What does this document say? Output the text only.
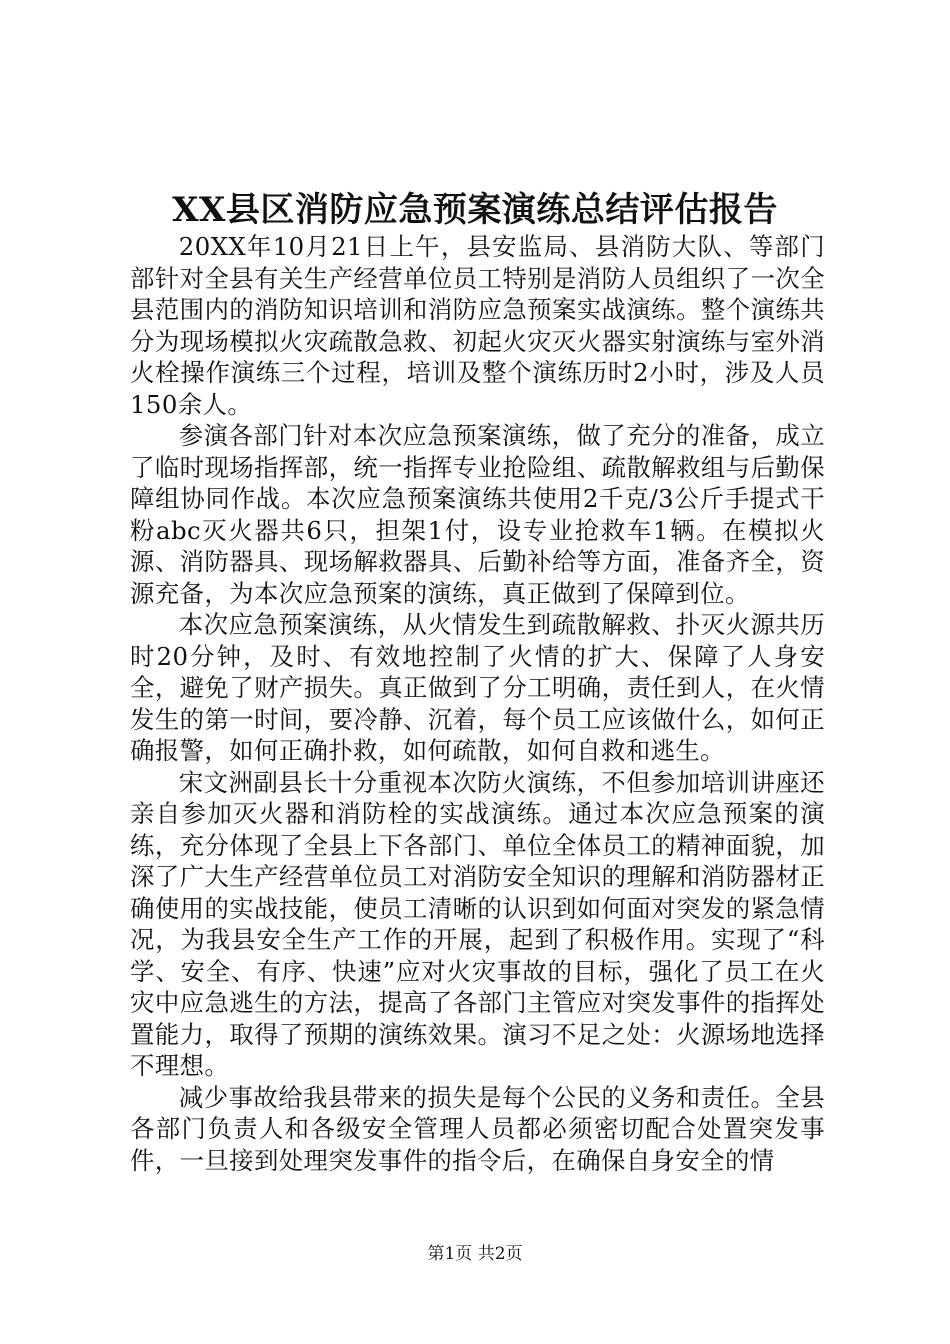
XX县区消防应急预案演练总结评估报告

20XX年10月21日上午，县安监局、县消防大队、等部门部针对全县有关生产经营单位员工特别是消防人员组织了一次全县范围内的消防知识培训和消防应急预案实战演练。整个演练共分为现场模拟火灾疏散急救、初起火灾灭火器实射演练与室外消火栓操作演练三个过程，培训及整个演练历时2小时，涉及人员150余人。

参演各部门针对本次应急预案演练，做了充分的准备，成立了临时现场指挥部，统一指挥专业抢险组、疏散解救组与后勤保障组协同作战。本次应急预案演练共使用2千克/3公斤手提式干粉abc灭火器共6只，担架1付，设专业抢救车1辆。在模拟火源、消防器具、现场解救器具、后勤补给等方面，准备齐全，资源充备，为本次应急预案的演练，真正做到了保障到位。

本次应急预案演练，从火情发生到疏散解救、扑灭火源共历时20分钟，及时、有效地控制了火情的扩大、保障了人身安全，避免了财产损失。真正做到了分工明确，责任到人，在火情发生的第一时间，要冷静、沉着，每个员工应该做什么，如何正确报警，如何正确扑救，如何疏散，如何自救和逃生。

宋文洲副县长十分重视本次防火演练，不但参加培训讲座还亲自参加灭火器和消防栓的实战演练。通过本次应急预案的演练，充分体现了全县上下各部门、单位全体员工的精神面貌，加深了广大生产经营单位员工对消防安全知识的理解和消防器材正确使用的实战技能，使员工清晰的认识到如何面对突发的紧急情况，为我县安全生产工作的开展，起到了积极作用。实现了“科学、安全、有序、快速”应对火灾事故的目标，强化了员工在火灾中应急逃生的方法，提高了各部门主管应对突发事件的指挥处置能力，取得了预期的演练效果。演习不足之处：火源场地选择不理想。

减少事故给我县带来的损失是每个公民的义务和责任。全县各部门负责人和各级安全管理人员都必须密切配合处置突发事件，一旦接到处理突发事件的指令后，在确保自身安全的情

第1页 共2页
